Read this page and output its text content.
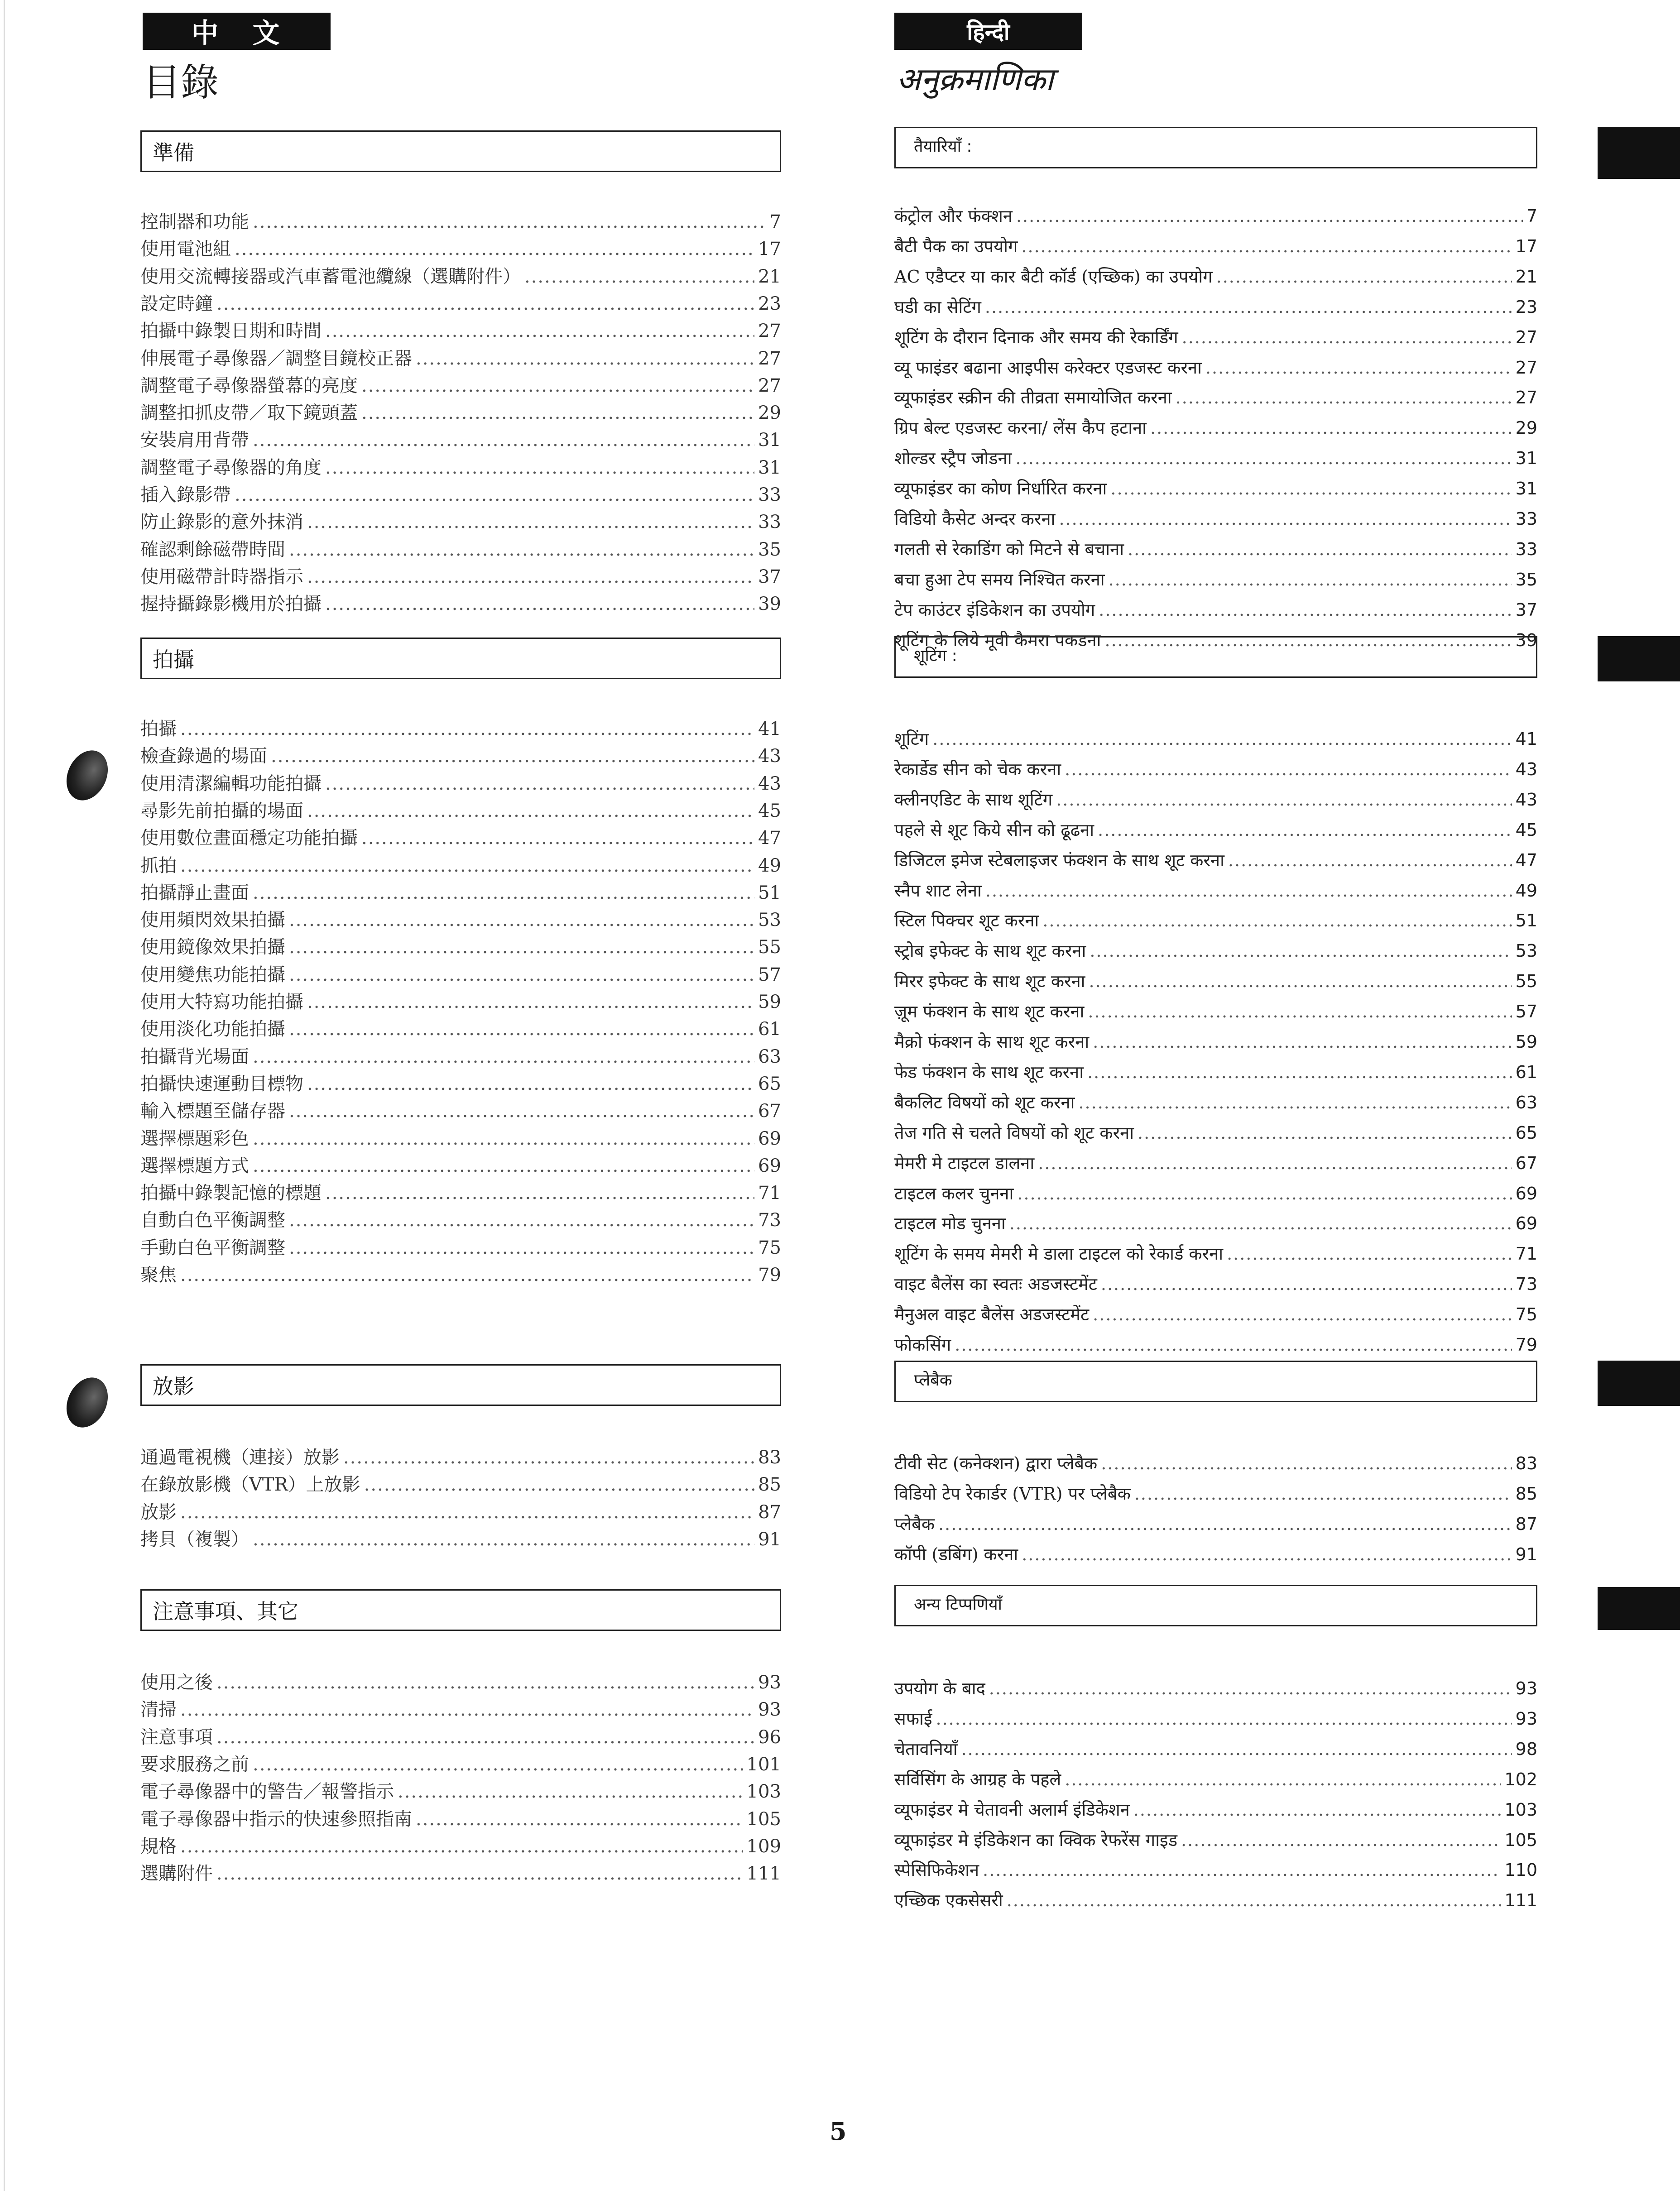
中文
目錄
準備
控制器和功能 .....	7
使用電池組 .....	17
使用交流轉接器或汽車蓄電池纜線（選購附件） .....	21
設定時鐘 .....	23
拍攝中錄製日期和時間 .....	27
伸展電子尋像器／調整目鏡校正器 .....	27
調整電子尋像器螢幕的亮度 .....	27
調整扣抓皮帶／取下鏡頭蓋 .....	29
安裝肩用背帶 .....	31
調整電子尋像器的角度 .....	31
插入錄影帶 .....	33
防止錄影的意外抹消 .....	33
確認剩餘磁帶時間 .....	35
使用磁帶計時器指示 .....	37
握持攝錄影機用於拍攝 .....	39
拍攝
拍攝 .....	41
檢查錄過的場面 .....	43
使用清潔編輯功能拍攝 .....	43
尋影先前拍攝的場面 .....	45
使用數位畫面穩定功能拍攝 .....	47
抓拍 .....	49
拍攝靜止畫面 .....	51
使用頻閃效果拍攝 .....	53
使用鏡像效果拍攝 .....	55
使用變焦功能拍攝 .....	57
使用大特寫功能拍攝 .....	59
使用淡化功能拍攝 .....	61
拍攝背光場面 .....	63
拍攝快速運動目標物 .....	65
輸入標題至儲存器 .....	67
選擇標題彩色 .....	69
選擇標題方式 .....	69
拍攝中錄製記憶的標題 .....	71
自動白色平衡調整 .....	73
手動白色平衡調整 .....	75
聚焦 .....	79
放影
通過電視機（連接）放影 .....	83
在錄放影機（VTR）上放影 .....	85
放影 .....	87
拷貝（複製） .....	91
注意事項、其它
使用之後 .....	93
清掃 .....	93
注意事項 .....	96
要求服務之前 .....	101
電子尋像器中的警告／報警指示 .....	103
電子尋像器中指示的快速參照指南 .....	105
規格 .....	109
選購附件 .....	111
हिन्दी
अनुक्रमाणिका
तैयारियाँ :
कंट्रोल और फंक्शन .....	7
बैटी पैक का उपयोग .....	17
AC एडैप्टर या कार बैटी कॉर्ड (एच्छिक) का उपयोग .....	21
घडी का सेटिंग .....	23
शूटिंग के दौरान दिनाक और समय की रेकार्डिंग .....	27
व्यू फाइंडर बढाना आइपीस करेक्टर एडजस्ट करना .....	27
व्यूफाइंडर स्क्रीन की तीव्रता समायोजित करना .....	27
ग्रिप बेल्ट एडजस्ट करना/ लेंस कैप हटाना .....	29
शोल्डर स्ट्रैप जोडना .....	31
व्यूफाइंडर का कोण निर्धारित करना .....	31
विडियो कैसेट अन्दर करना .....	33
गलती से रेकाडिंग को मिटने से बचाना .....	33
बचा हुआ टेप समय निश्चित करना .....	35
टेप काउंटर इंडिकेशन का उपयोग .....	37
शूटिंग के लिये मूवी कैमरा पकडना .....	39
शूटिंग :
शूटिंग .....	41
रेकार्डेड सीन को चेक करना .....	43
क्लीनएडिट के साथ शूटिंग .....	43
पहले से शूट किये सीन को ढूढना .....	45
डिजिटल इमेज स्टेबलाइजर फंक्शन के साथ शूट करना .....	47
स्नैप शाट लेना .....	49
स्टिल पिक्चर शूट करना .....	51
स्ट्रोब इफेक्ट के साथ शूट करना .....	53
मिरर इफेक्ट के साथ शूट करना .....	55
ज़ूम फंक्शन के साथ शूट करना .....	57
मैक्रो फंक्शन के साथ शूट करना .....	59
फेड फंक्शन के साथ शूट करना .....	61
बैकलिट विषयों को शूट करना .....	63
तेज गति से चलते विषयों को शूट करना .....	65
मेमरी मे टाइटल डालना .....	67
टाइटल कलर चुनना .....	69
टाइटल मोड चुनना .....	69
शूटिंग के समय मेमरी मे डाला टाइटल को रेकार्ड करना .....	71
वाइट बैलेंस का स्वतः अडजस्टमेंट .....	73
मैनुअल वाइट बैलेंस अडजस्टमेंट .....	75
फोकसिंग .....	79
प्लेबैक
टीवी सेट (कनेक्शन) द्वारा प्लेबैक .....	83
विडियो टेप रेकार्डर (VTR) पर प्लेबैक .....	85
प्लेबैक .....	87
कॉपी (डबिंग) करना .....	91
अन्य टिप्पणियाँ
उपयोग के बाद .....	93
सफाई .....	93
चेतावनियाँ .....	98
सर्विसिंग के आग्रह के पहले .....	102
व्यूफाइंडर मे चेतावनी अलार्म इंडिकेशन .....	103
व्यूफाइंडर मे इंडिकेशन का क्विक रेफरेंस गाइड .....	105
स्पेसिफिकेशन .....	110
एच्छिक एकसेसरी .....	111
5
